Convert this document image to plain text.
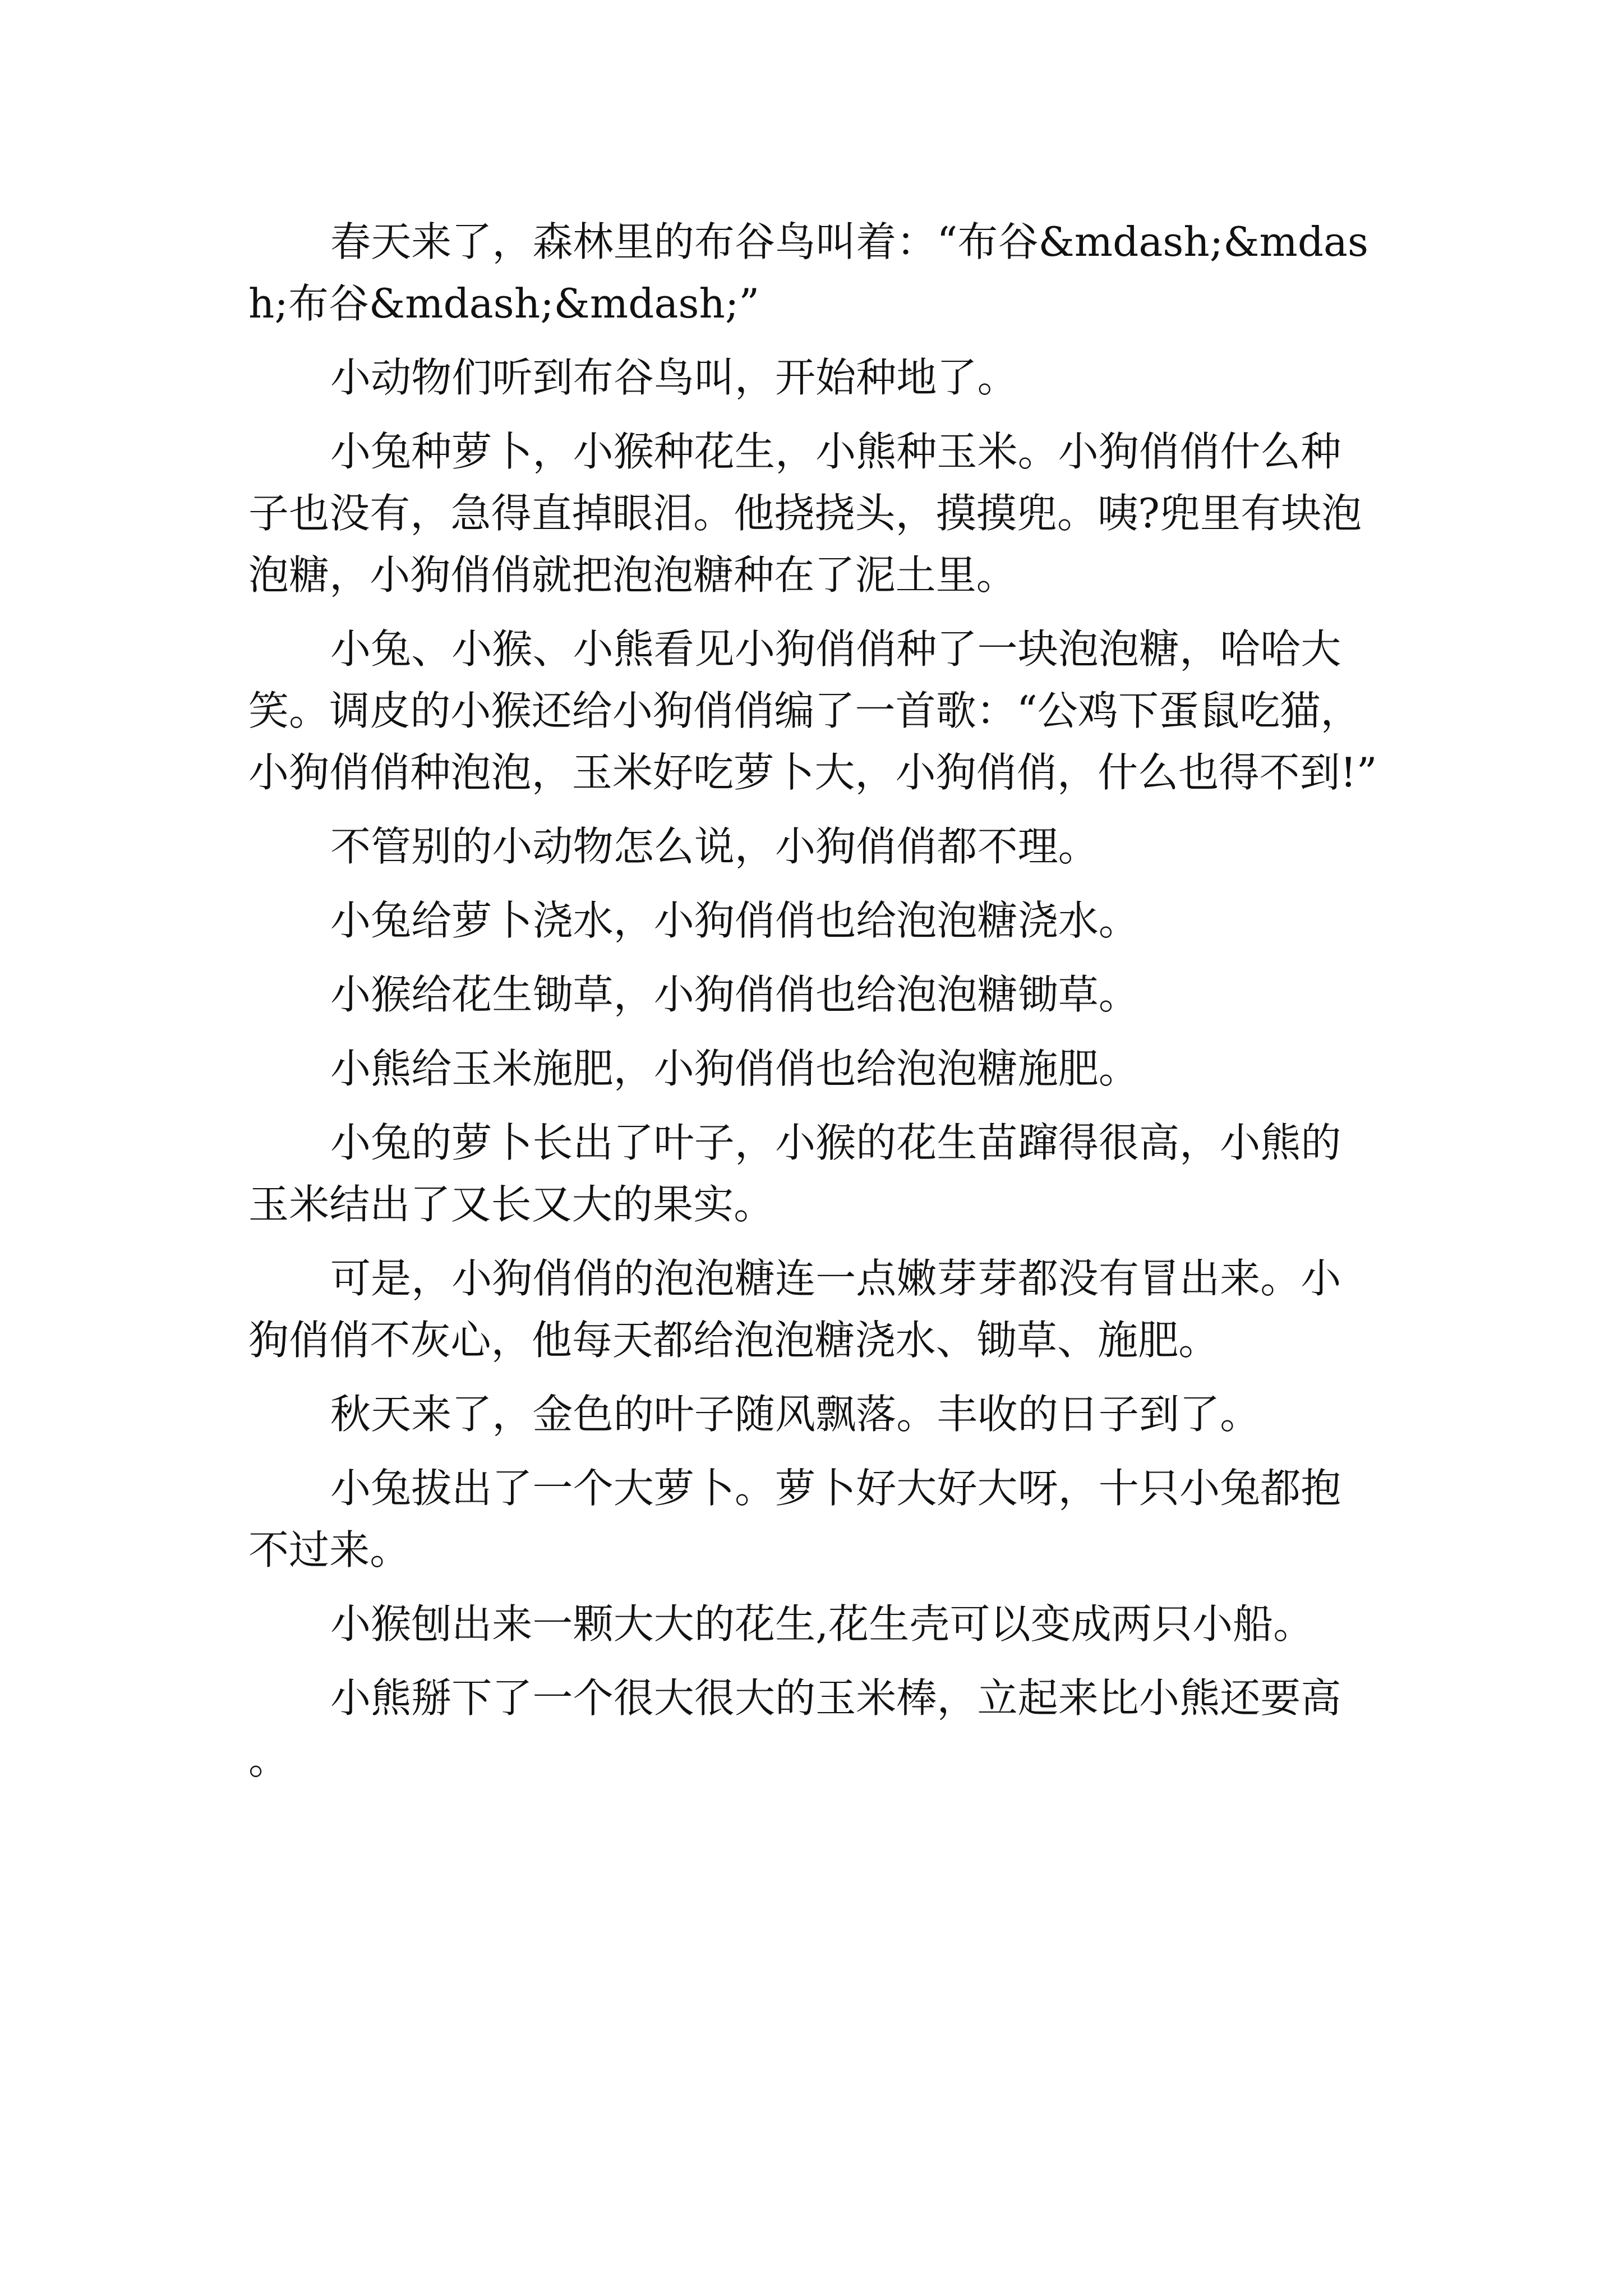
春天来了，森林里的布谷鸟叫着：“布谷&mdash;&mdash;布谷&mdash;&mdash;”

小动物们听到布谷鸟叫，开始种地了。

小兔种萝卜，小猴种花生，小熊种玉米。小狗俏俏什么种子也没有，急得直掉眼泪。他挠挠头，摸摸兜。咦?兜里有块泡泡糖，小狗俏俏就把泡泡糖种在了泥土里。

小兔、小猴、小熊看见小狗俏俏种了一块泡泡糖，哈哈大笑。调皮的小猴还给小狗俏俏编了一首歌：“公鸡下蛋鼠吃猫，小狗俏俏种泡泡，玉米好吃萝卜大，小狗俏俏，什么也得不到!”

不管别的小动物怎么说，小狗俏俏都不理。

小兔给萝卜浇水，小狗俏俏也给泡泡糖浇水。

小猴给花生锄草，小狗俏俏也给泡泡糖锄草。

小熊给玉米施肥，小狗俏俏也给泡泡糖施肥。

小兔的萝卜长出了叶子，小猴的花生苗蹿得很高，小熊的玉米结出了又长又大的果实。

可是，小狗俏俏的泡泡糖连一点嫩芽芽都没有冒出来。小狗俏俏不灰心，他每天都给泡泡糖浇水、锄草、施肥。

秋天来了，金色的叶子随风飘落。丰收的日子到了。

小兔拔出了一个大萝卜。萝卜好大好大呀，十只小兔都抱不过来。

小猴刨出来一颗大大的花生,花生壳可以变成两只小船。

小熊掰下了一个很大很大的玉米棒，立起来比小熊还要高。
